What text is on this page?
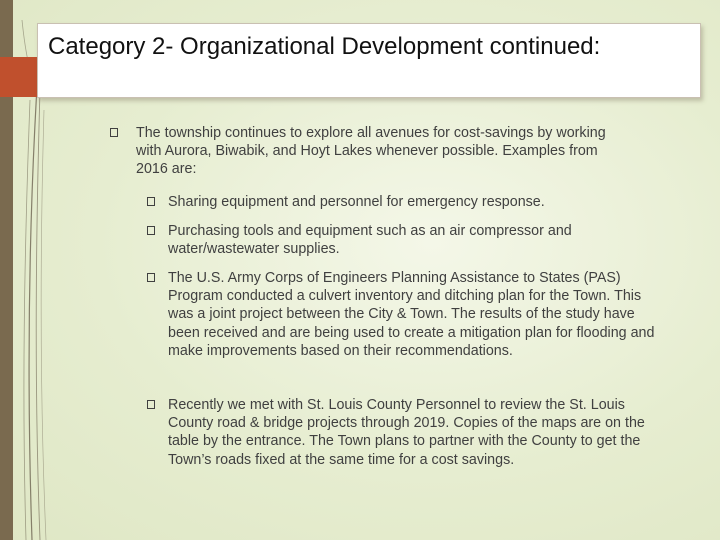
Category 2- Organizational Development continued:
The township continues to explore all avenues for cost-savings by working with Aurora, Biwabik, and Hoyt Lakes whenever possible. Examples from 2016 are:
Sharing equipment and personnel for emergency response.
Purchasing tools and equipment such as an air compressor and water/wastewater supplies.
The U.S. Army Corps of Engineers Planning Assistance to States (PAS) Program conducted a culvert inventory and ditching plan for the Town. This was a joint project between the City & Town. The results of the study have been received and are being used to create a mitigation plan for flooding and make improvements based on their recommendations.
Recently we met with St. Louis County Personnel to review the St. Louis County road & bridge projects through 2019. Copies of the maps are on the table by the entrance. The Town plans to partner with the County to get the Town’s roads fixed at the same time for a cost savings.
